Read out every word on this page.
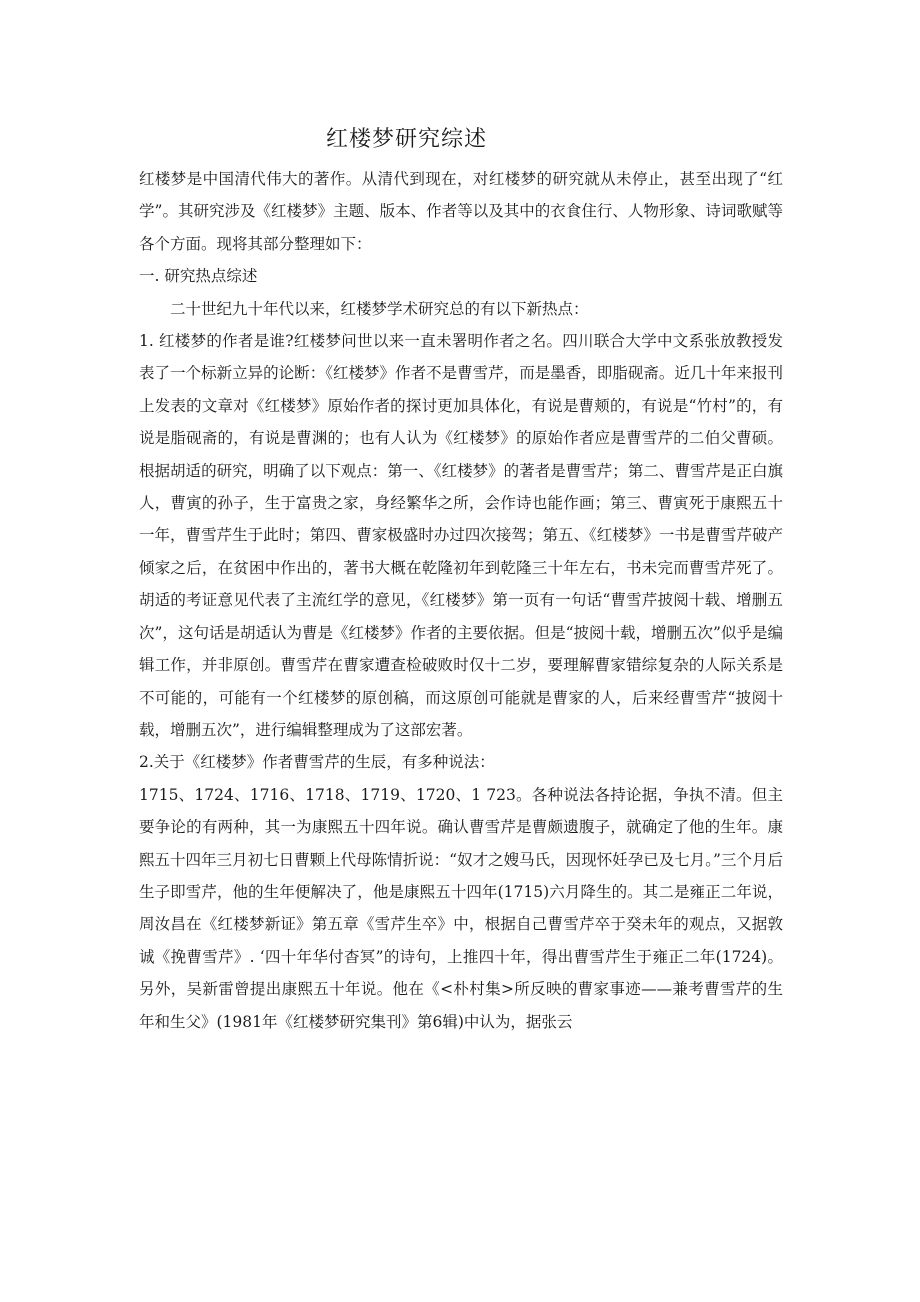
红楼梦研究综述

红楼梦是中国清代伟大的著作。从清代到现在，对红楼梦的研究就从未停止，甚至出现了“红学”。其研究涉及《红楼梦》主题、版本、作者等以及其中的衣食住行、人物形象、诗词歌赋等各个方面。现将其部分整理如下：

一. 研究热点综述

二十世纪九十年代以来，红楼梦学术研究总的有以下新热点：

1. 红楼梦的作者是谁?红楼梦问世以来一直未署明作者之名。四川联合大学中文系张放教授发表了一个标新立异的论断：《红楼梦》作者不是曹雪芹，而是墨香，即脂砚斋。近几十年来报刊上发表的文章对《红楼梦》原始作者的探讨更加具体化，有说是曹颊的，有说是“竹村”的，有说是脂砚斋的，有说是曹渊的；也有人认为《红楼梦》的原始作者应是曹雪芹的二伯父曹硕。根据胡适的研究，明确了以下观点：第一、《红楼梦》的著者是曹雪芹；第二、曹雪芹是正白旗人，曹寅的孙子，生于富贵之家，身经繁华之所，会作诗也能作画；第三、曹寅死于康熙五十一年，曹雪芹生于此时；第四、曹家极盛时办过四次接驾；第五、《红楼梦》一书是曹雪芹破产倾家之后，在贫困中作出的，著书大概在乾隆初年到乾隆三十年左右，书未完而曹雪芹死了。胡适的考证意见代表了主流红学的意见，《红楼梦》第一页有一句话“曹雪芹披阅十载、增删五次”，这句话是胡适认为曹是《红楼梦》作者的主要依据。但是“披阅十载，增删五次”似乎是编辑工作，并非原创。曹雪芹在曹家遭查检破败时仅十二岁，要理解曹家错综复杂的人际关系是不可能的，可能有一个红楼梦的原创稿，而这原创可能就是曹家的人，后来经曹雪芹“披阅十载，增删五次”，进行编辑整理成为了这部宏著。

2.关于《红楼梦》作者曹雪芹的生辰，有多种说法：

1715、1724、1716、1718、1719、1720、1 723。各种说法各持论据，争执不清。但主要争论的有两种，其一为康熙五十四年说。确认曹雪芹是曹颇遗腹子，就确定了他的生年。康熙五十四年三月初七日曹颗上代母陈情折说：“奴才之嫂马氏，因现怀妊孕已及七月。”三个月后生子即雪芹，他的生年便解决了，他是康熙五十四年(1715)六月降生的。其二是雍正二年说，周汝昌在《红楼梦新证》第五章《雪芹生卒》中，根据自己曹雪芹卒于癸未年的观点，又据敦诚《挽曹雪芹》. ‘四十年华付杳冥”的诗句，上推四十年，得出曹雪芹生于雍正二年(1724)。另外，吴新雷曾提出康熙五十年说。他在《<朴村集>所反映的曹家事迹——兼考曹雪芹的生年和生父》(1981年《红楼梦研究集刊》第6辑)中认为，据张云
